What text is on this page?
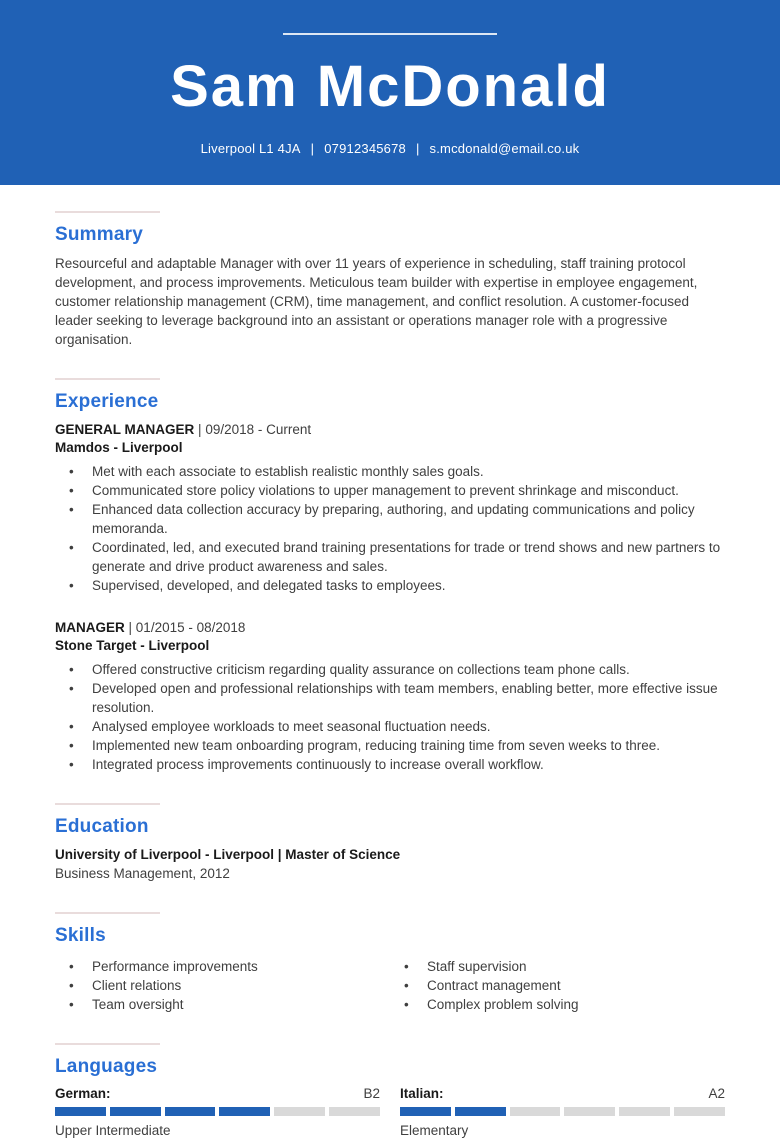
Sam McDonald
Liverpool L1 4JA | 07912345678 | s.mcdonald@email.co.uk
Summary

Resourceful and adaptable Manager with over 11 years of experience in scheduling, staff training protocol development, and process improvements. Meticulous team builder with expertise in employee engagement, customer relationship management (CRM), time management, and conflict resolution. A customer-focused leader seeking to leverage background into an assistant or operations manager role with a progressive organisation.

Experience
GENERAL MANAGER | 09/2018 - Current
Mamdos - Liverpool
• Met with each associate to establish realistic monthly sales goals.
• Communicated store policy violations to upper management to prevent shrinkage and misconduct.
• Enhanced data collection accuracy by preparing, authoring, and updating communications and policy memoranda.
• Coordinated, led, and executed brand training presentations for trade or trend shows and new partners to generate and drive product awareness and sales.
• Supervised, developed, and delegated tasks to employees.
MANAGER | 01/2015 - 08/2018
Stone Target - Liverpool
• Offered constructive criticism regarding quality assurance on collections team phone calls.
• Developed open and professional relationships with team members, enabling better, more effective issue resolution.
• Analysed employee workloads to meet seasonal fluctuation needs.
• Implemented new team onboarding program, reducing training time from seven weeks to three.
• Integrated process improvements continuously to increase overall workflow.
Education
University of Liverpool - Liverpool | Master of Science
Business Management, 2012
Skills
• Performance improvements
• Client relations
• Team oversight
• Staff supervision
• Contract management
• Complex problem solving
Languages
German:	B2
Upper Intermediate
Italian:	A2
Elementary
